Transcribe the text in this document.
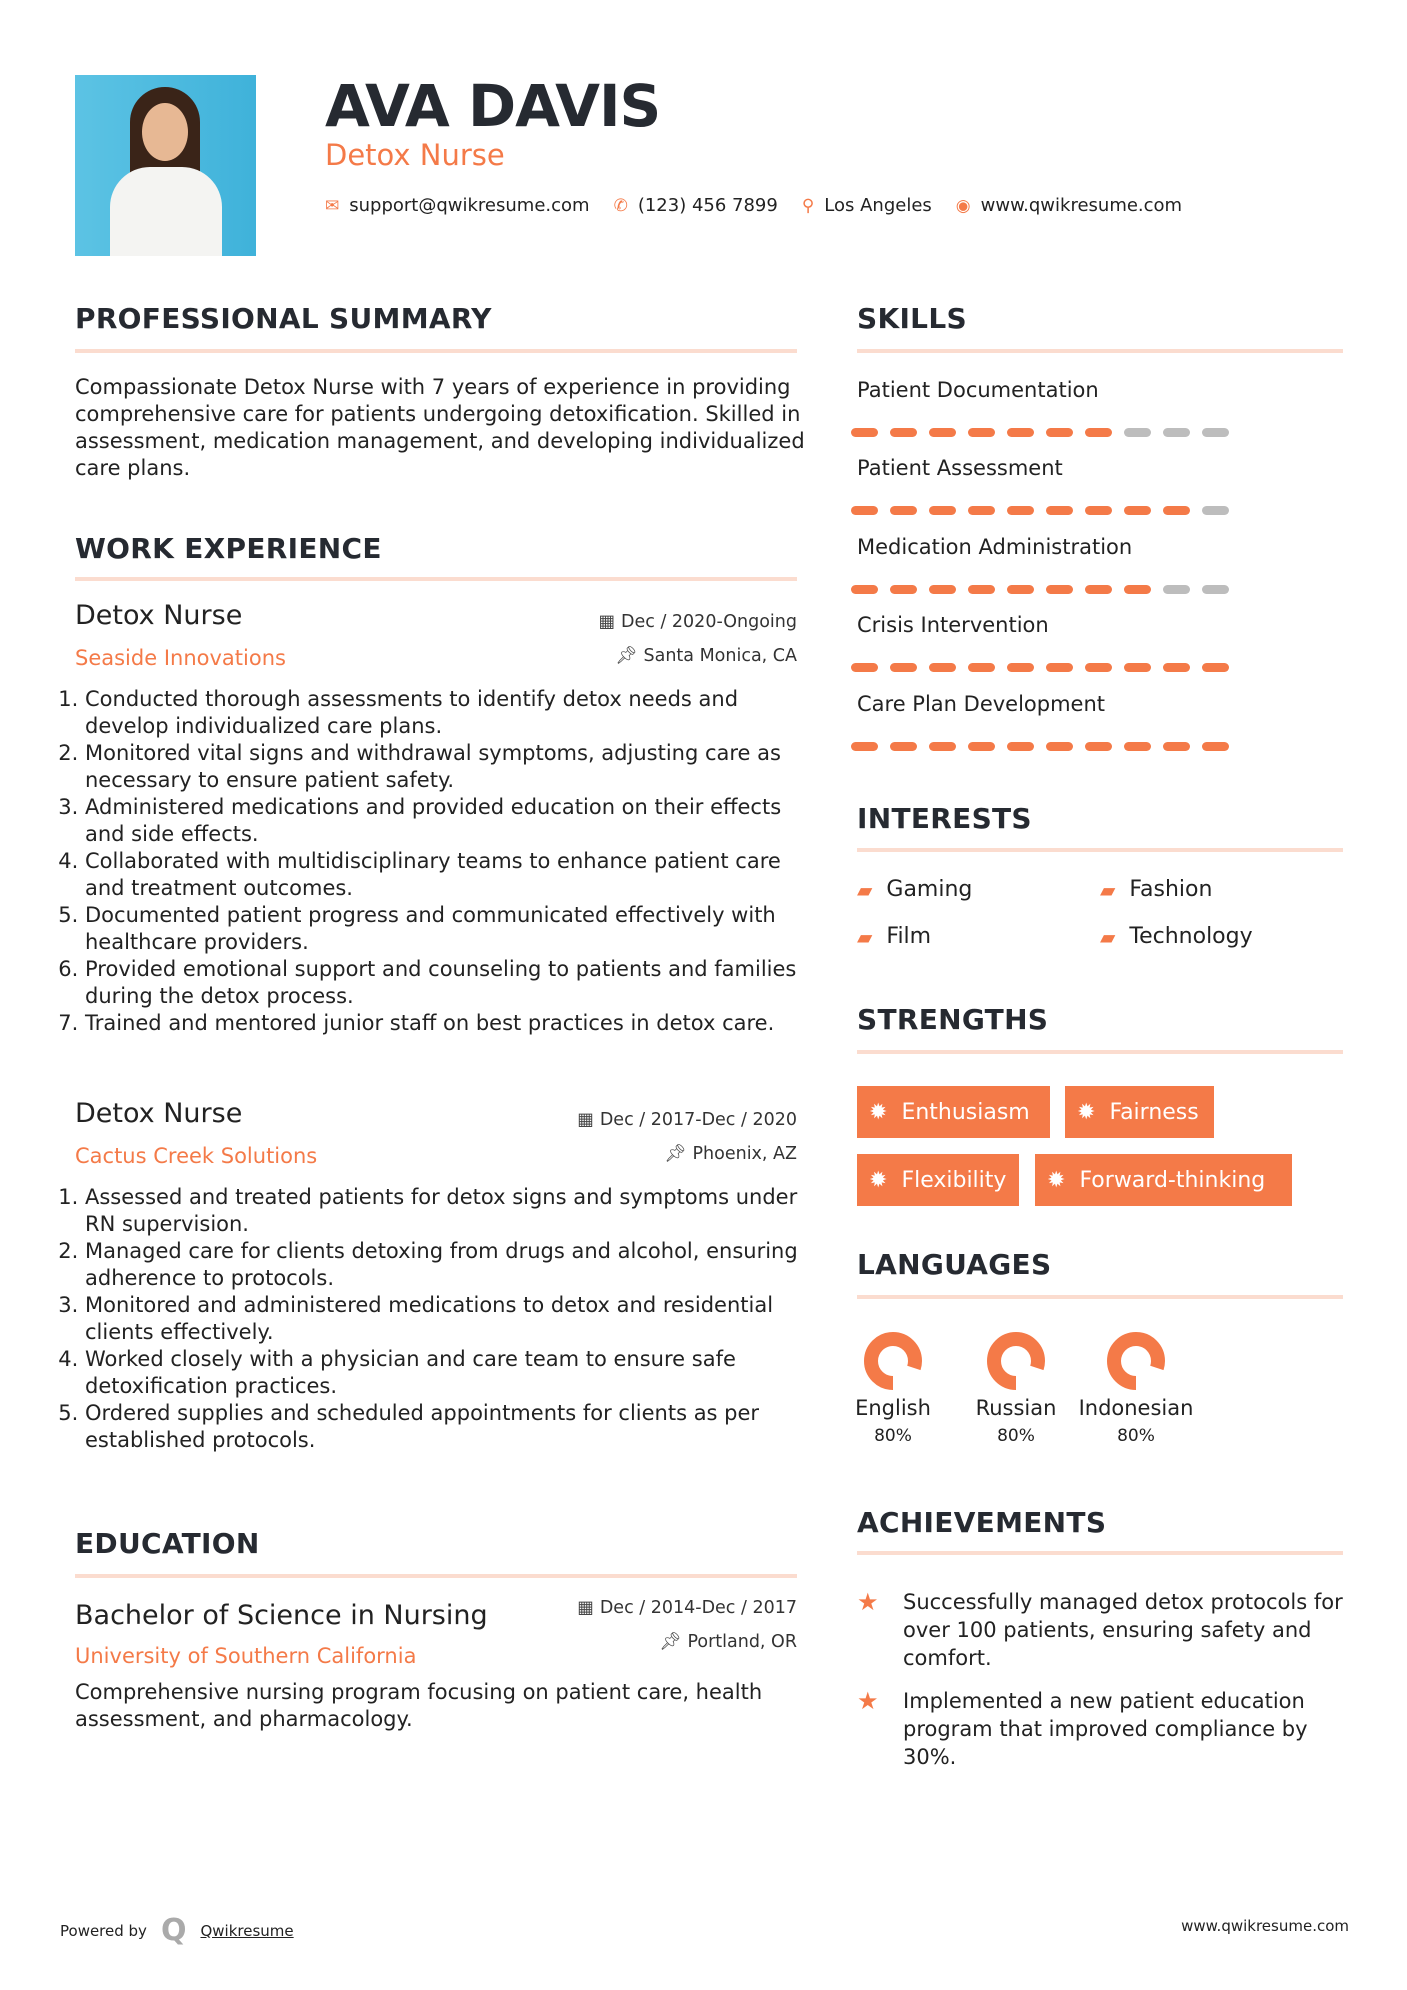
AVA DAVIS
Detox Nurse
✉ support@qwikresume.com ✆ (123) 456 7899 ⚲ Los Angeles ◉ www.qwikresume.com
PROFESSIONAL SUMMARY
Compassionate Detox Nurse with 7 years of experience in providing comprehensive care for patients undergoing detoxification. Skilled in assessment, medication management, and developing individualized care plans.
WORK EXPERIENCE
Detox Nurse
Seaside Innovations
▦ Dec / 2020-Ongoing
📌︎ Santa Monica, CA
1. Conducted thorough assessments to identify detox needs and develop individualized care plans.
2. Monitored vital signs and withdrawal symptoms, adjusting care as necessary to ensure patient safety.
3. Administered medications and provided education on their effects and side effects.
4. Collaborated with multidisciplinary teams to enhance patient care and treatment outcomes.
5. Documented patient progress and communicated effectively with healthcare providers.
6. Provided emotional support and counseling to patients and families during the detox process.
7. Trained and mentored junior staff on best practices in detox care.
Detox Nurse
Cactus Creek Solutions
▦ Dec / 2017-Dec / 2020
📌︎ Phoenix, AZ
1. Assessed and treated patients for detox signs and symptoms under RN supervision.
2. Managed care for clients detoxing from drugs and alcohol, ensuring adherence to protocols.
3. Monitored and administered medications to detox and residential clients effectively.
4. Worked closely with a physician and care team to ensure safe detoxification practices.
5. Ordered supplies and scheduled appointments for clients as per established protocols.
EDUCATION
Bachelor of Science in Nursing
University of Southern California
▦ Dec / 2014-Dec / 2017
📌︎ Portland, OR
Comprehensive nursing program focusing on patient care, health assessment, and pharmacology.
SKILLS
Patient Documentation
Patient Assessment
Medication Administration
Crisis Intervention
Care Plan Development
INTERESTS
▰ Gaming	▰ Fashion
▰ Film	▰ Technology
STRENGTHS
✹ Enthusiasm ✹ Fairness
✹ Flexibility ✹ Forward-thinking
LANGUAGES
English
80%
Russian
80%
Indonesian
80%
ACHIEVEMENTS
★	Successfully managed detox protocols for over 100 patients, ensuring safety and comfort.
★	Implemented a new patient education program that improved compliance by 30%.
Powered by Q Qwikresume	www.qwikresume.com
